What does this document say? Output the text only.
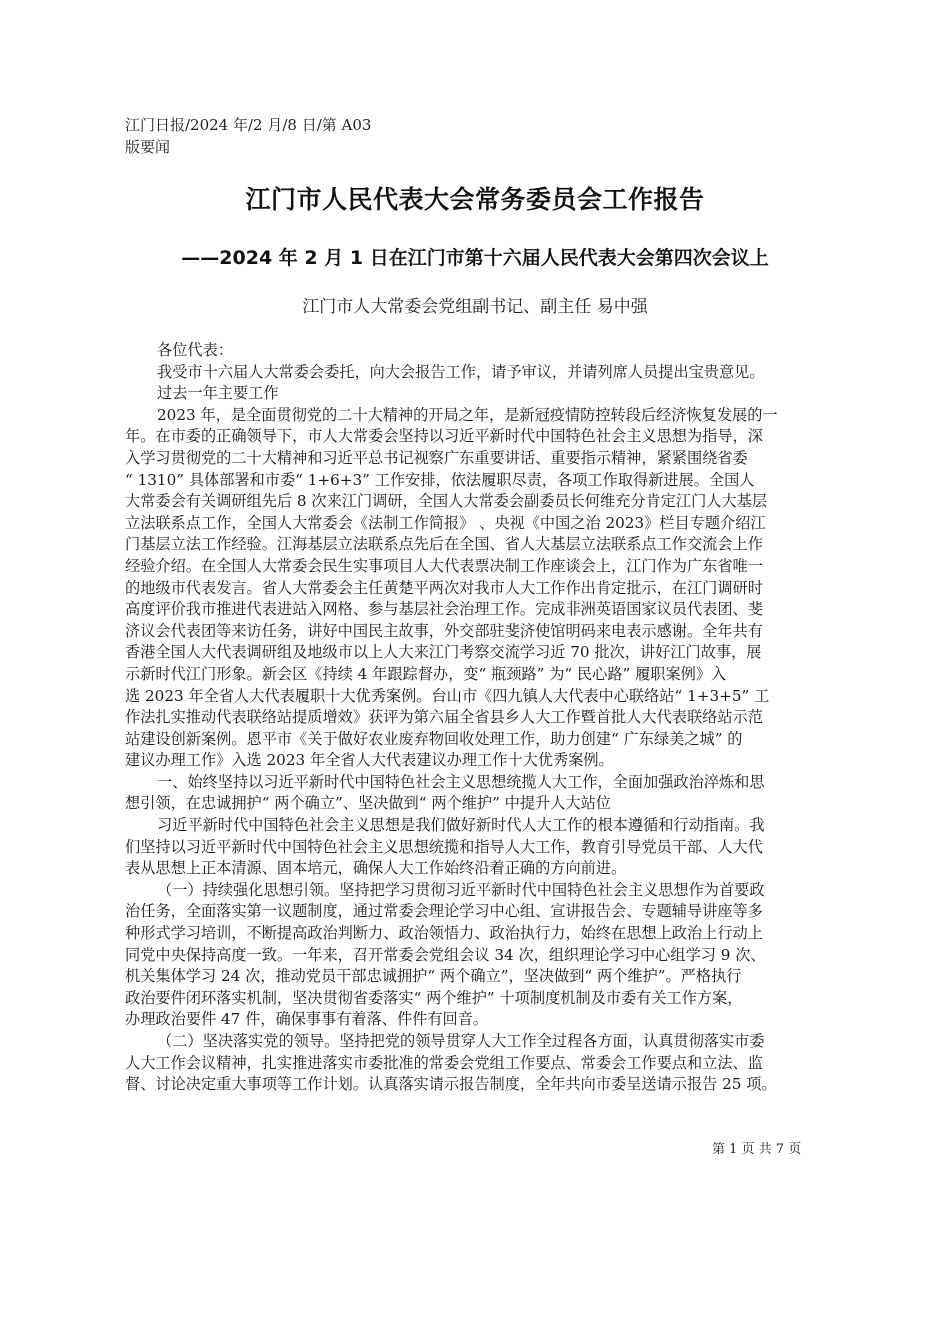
江门日报/2024 年/2 月/8 日/第 A03
版要闻
江门市人民代表大会常务委员会工作报告
——2024 年 2 月 1 日在江门市第十六届人民代表大会第四次会议上
江门市人大常委会党组副书记、副主任 易中强
各位代表：
我受市十六届人大常委会委托，向大会报告工作，请予审议，并请列席人员提出宝贵意见。
过去一年主要工作
2023 年，是全面贯彻党的二十大精神的开局之年，是新冠疫情防控转段后经济恢复发展的一
年。在市委的正确领导下，市人大常委会坚持以习近平新时代中国特色社会主义思想为指导，深
入学习贯彻党的二十大精神和习近平总书记视察广东重要讲话、重要指示精神，紧紧围绕省委
“ 1310” 具体部署和市委“ 1+6+3” 工作安排，依法履职尽责，各项工作取得新进展。全国人
大常委会有关调研组先后 8 次来江门调研，全国人大常委会副委员长何维充分肯定江门人大基层
立法联系点工作，全国人大常委会《法制工作简报》 、央视《中国之治 2023》栏目专题介绍江
门基层立法工作经验。江海基层立法联系点先后在全国、省人大基层立法联系点工作交流会上作
经验介绍。在全国人大常委会民生实事项目人大代表票决制工作座谈会上，江门作为广东省唯一
的地级市代表发言。省人大常委会主任黄楚平两次对我市人大工作作出肯定批示，在江门调研时
高度评价我市推进代表进站入网格、参与基层社会治理工作。完成非洲英语国家议员代表团、斐
济议会代表团等来访任务，讲好中国民主故事，外交部驻斐济使馆明码来电表示感谢。全年共有
香港全国人大代表调研组及地级市以上人大来江门考察交流学习近 70 批次，讲好江门故事，展
示新时代江门形象。新会区《持续 4 年跟踪督办，变“ 瓶颈路” 为“ 民心路” 履职案例》入
选 2023 年全省人大代表履职十大优秀案例。台山市《四九镇人大代表中心联络站“ 1+3+5” 工
作法扎实推动代表联络站提质增效》获评为第六届全省县乡人大工作暨首批人大代表联络站示范
站建设创新案例。恩平市《关于做好农业废弃物回收处理工作，助力创建“ 广东绿美之城” 的
建议办理工作》入选 2023 年全省人大代表建议办理工作十大优秀案例。
一、始终坚持以习近平新时代中国特色社会主义思想统揽人大工作，全面加强政治淬炼和思
想引领，在忠诚拥护“ 两个确立”、坚决做到“ 两个维护” 中提升人大站位
习近平新时代中国特色社会主义思想是我们做好新时代人大工作的根本遵循和行动指南。我
们坚持以习近平新时代中国特色社会主义思想统揽和指导人大工作，教育引导党员干部、人大代
表从思想上正本清源、固本培元，确保人大工作始终沿着正确的方向前进。
（一）持续强化思想引领。坚持把学习贯彻习近平新时代中国特色社会主义思想作为首要政
治任务，全面落实第一议题制度，通过常委会理论学习中心组、宣讲报告会、专题辅导讲座等多
种形式学习培训，不断提高政治判断力、政治领悟力、政治执行力，始终在思想上政治上行动上
同党中央保持高度一致。一年来，召开常委会党组会议 34 次，组织理论学习中心组学习 9 次、
机关集体学习 24 次，推动党员干部忠诚拥护“ 两个确立”，坚决做到“ 两个维护”。严格执行
政治要件闭环落实机制，坚决贯彻省委落实“ 两个维护” 十项制度机制及市委有关工作方案，
办理政治要件 47 件，确保事事有着落、件件有回音。
（二）坚决落实党的领导。坚持把党的领导贯穿人大工作全过程各方面，认真贯彻落实市委
人大工作会议精神，扎实推进落实市委批准的常委会党组工作要点、常委会工作要点和立法、监
督、讨论决定重大事项等工作计划。认真落实请示报告制度，全年共向市委呈送请示报告 25 项。
第 1 页 共 7 页
